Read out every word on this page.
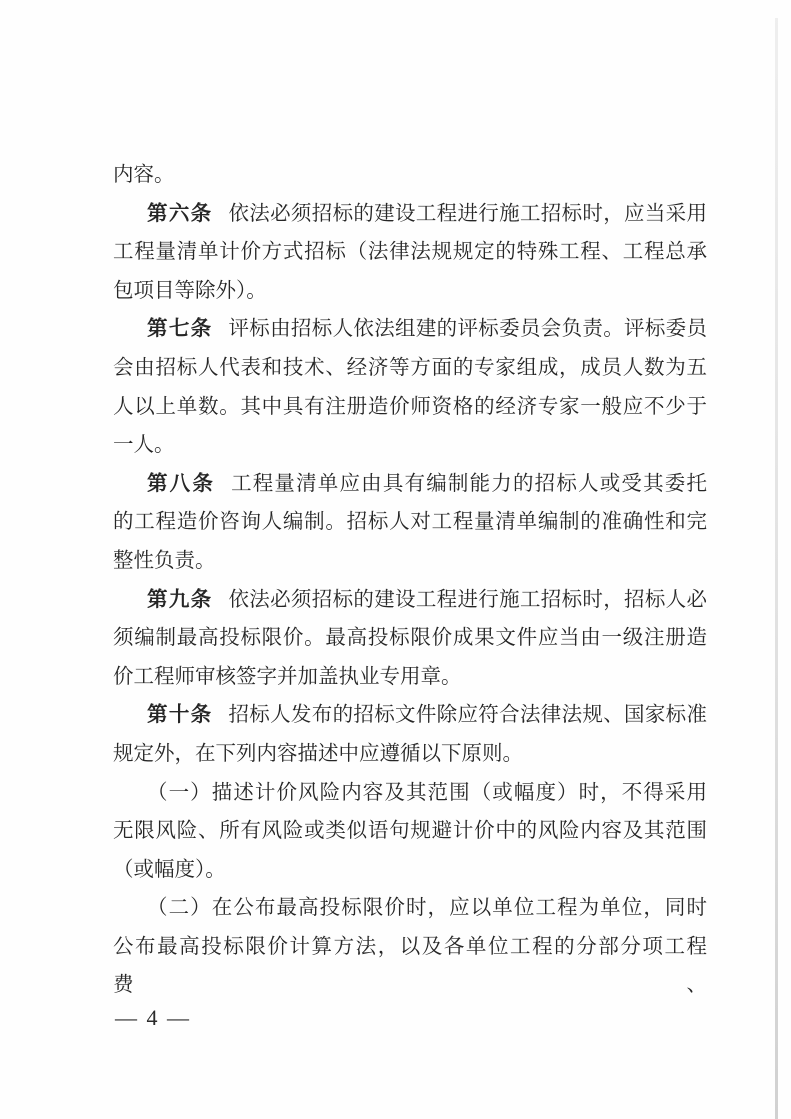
内容。
第六条 依法必须招标的建设工程进行施工招标时，应当采用
工程量清单计价方式招标（法律法规规定的特殊工程、工程总承
包项目等除外）。
第七条 评标由招标人依法组建的评标委员会负责。评标委员
会由招标人代表和技术、经济等方面的专家组成，成员人数为五
人以上单数。其中具有注册造价师资格的经济专家一般应不少于
一人。
第八条 工程量清单应由具有编制能力的招标人或受其委托
的工程造价咨询人编制。招标人对工程量清单编制的准确性和完
整性负责。
第九条 依法必须招标的建设工程进行施工招标时，招标人必
须编制最高投标限价。最高投标限价成果文件应当由一级注册造
价工程师审核签字并加盖执业专用章。
第十条 招标人发布的招标文件除应符合法律法规、国家标准
规定外，在下列内容描述中应遵循以下原则。
（一）描述计价风险内容及其范围（或幅度）时，不得采用
无限风险、所有风险或类似语句规避计价中的风险内容及其范围
（或幅度）。
（二）在公布最高投标限价时，应以单位工程为单位，同时
公布最高投标限价计算方法，以及各单位工程的分部分项工程费、
— 4 —
